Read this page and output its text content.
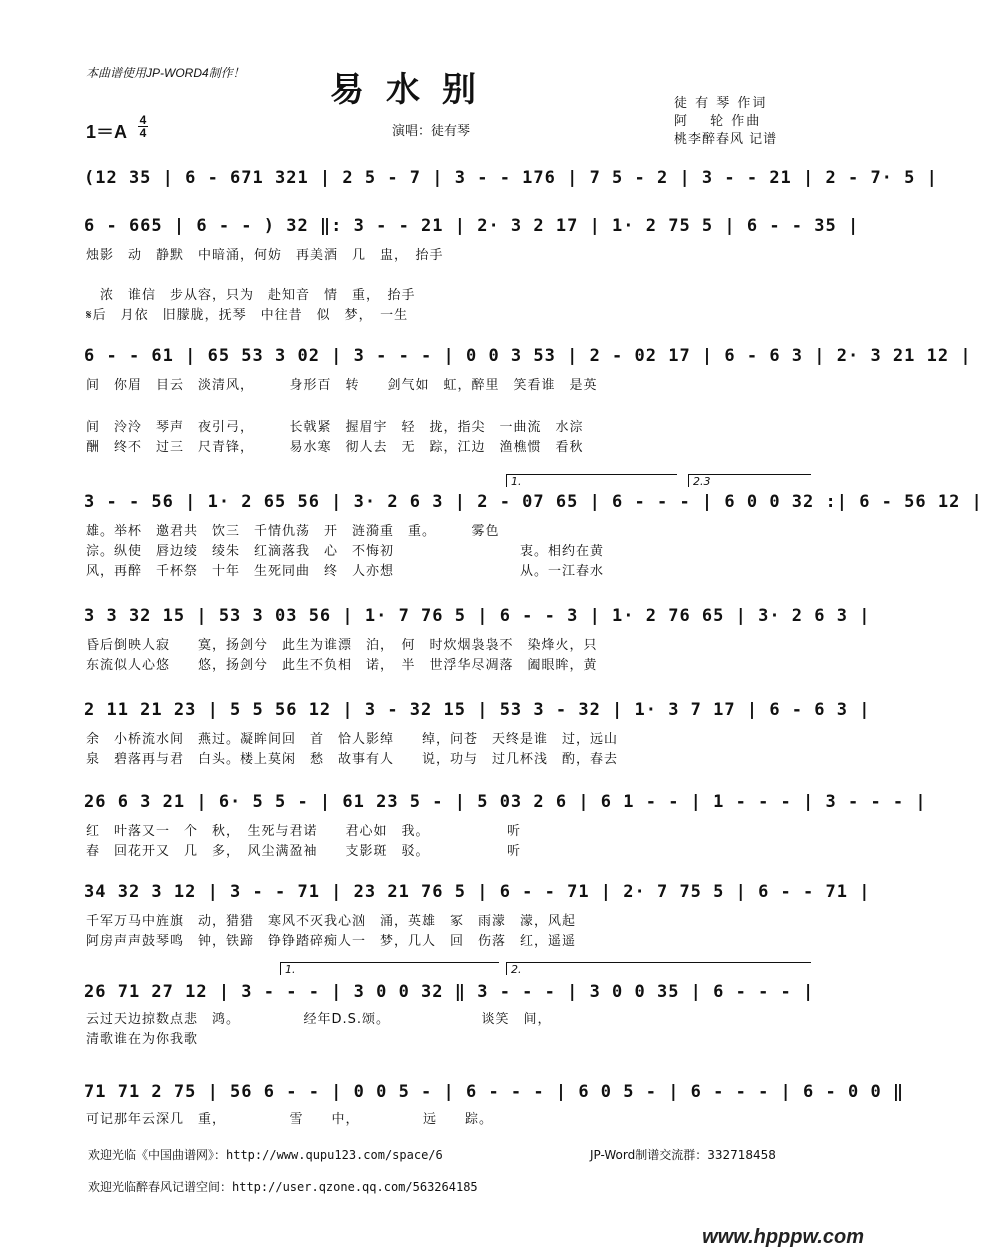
本曲谱使用JP-WORD4制作！	易水别	徒 有 琴 作词
阿　 轮 作曲
桃李醉春风 记谱
1＝A
4
4	演唱：徒有琴
1.	2.3
1.	2.
(12 35 | 6 - 671 321 | 2 5 - 7 | 3 - - 176 | 7 5 - 2 | 3 - - 21 | 2 - 7· 5 |
6 - 665 | 6 - - ) 32 ‖: 3 - - 21 | 2· 3 2 17 | 1· 2 75 5 | 6 - - 35 |
烛影　动　静默　中暗涌，何妨　再美酒　几　盅，　抬手
　浓　谁信　步从容，只为　赴知音　情　重，　抬手
𝄋后　月依　旧朦胧，抚琴　中往昔　似　梦，　一生
6 - - 61 | 65 53 3 02 | 3 - - - | 0 0 3 53 | 2 - 02 17 | 6 - 6 3 | 2· 3 21 12 |
间　你眉　目云　淡清风，　　　身形百　转　　剑气如　虹，醉里　笑看谁　是英
间　泠泠　琴声　夜引弓，　　　长戟紧　握眉宇　轻　拢，指尖　一曲流　水淙
酬　终不　过三　尺青锋，　　　易水寒　彻人去　无　踪，江边　渔樵惯　看秋
3 - - 56 | 1· 2 65 56 | 3· 2 6 3 | 2 - 07 65 | 6 - - - | 6 0 0 32 :| 6 - 56 12 |
雄。举杯　邀君共　饮三　千情仇荡　开　涟漪重　重。　　　雾色
淙。纵使　唇边绫　绫朱　红滴落我　心　不悔初　　　　　　　　　衷。相约在黄
风，再醉　千杯祭　十年　生死同曲　终　人亦想　　　　　　　　　从。一江春水
3 3 32 15 | 53 3 03 56 | 1· 7 76 5 | 6 - - 3 | 1· 2 76 65 | 3· 2 6 3 |
昏后倒映人寂　　寞，扬剑兮　此生为谁漂　泊，　何　时炊烟袅袅不　染烽火，只
东流似人心悠　　悠，扬剑兮　此生不负相　诺，　半　世浮华尽凋落　阖眼眸，黄
2 11 21 23 | 5 5 56 12 | 3 - 32 15 | 53 3 - 32 | 1· 3 7 17 | 6 - 6 3 |
余　小桥流水间　燕过。凝眸间回　首　恰人影绰　　绰，问苍　天终是谁　过，远山
泉　碧落再与君　白头。楼上莫闲　愁　故事有人　　说，功与　过几杯浅　酌，春去
26 6 3 21 | 6· 5 5 - | 61 23 5 - | 5 03 2 6 | 6 1 - - | 1 - - - | 3 - - - |
红　叶落又一　个　秋，　生死与君诺　　君心如　我。　　　　　　听
春　回花开又　几　多，　风尘满盈袖　　支影斑　驳。　　　　　　听
34 32 3 12 | 3 - - 71 | 23 21 76 5 | 6 - - 71 | 2· 7 75 5 | 6 - - 71 |
千军万马中旌旗　动，猎猎　寒风不灭我心汹　涌，英雄　冢　雨濛　濛，风起
阿房声声鼓琴鸣　钟，铁蹄　铮铮踏碎痴人一　梦，几人　回　伤落　红，遥遥
26 71 27 12 | 3 - - - | 3 0 0 32 ‖ 3 - - - | 3 0 0 35 | 6 - - - |
云过天边掠数点悲　鸿。　　　　　经年D.S.颂。　　　　　　　谈笑　间，
清歌谁在为你我歌
71 71 2 75 | 56 6 - - | 0 0 5 - | 6 - - - | 6 0 5 - | 6 - - - | 6 - 0 0 ‖
可记那年云深几　重，　　　　　雪　　中，　　　　　远　　踪。
欢迎光临《中国曲谱网》：http://www.qupu123.com/space/6	JP-Word制谱交流群：332718458
欢迎光临醉春风记谱空间：http://user.qzone.qq.com/563264185
www.hpppw.com
